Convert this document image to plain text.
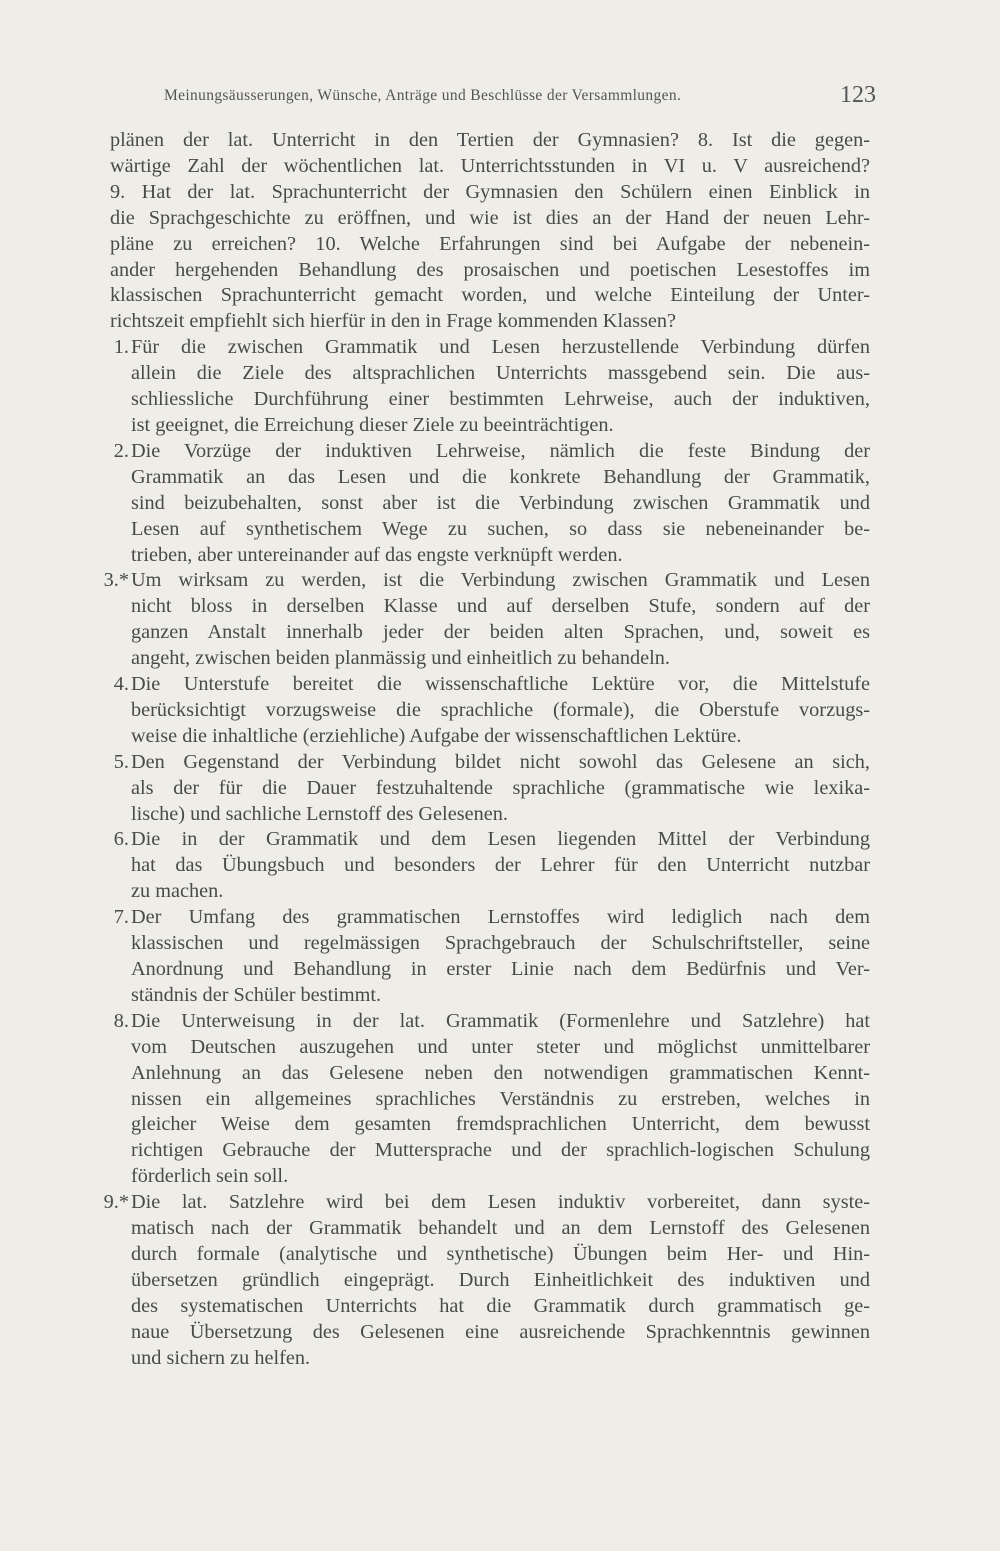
Meinungsäusserungen, Wünsche, Anträge und Beschlüsse der Versammlungen.	123
plänen der lat. Unterricht in den Tertien der Gymnasien? 8. Ist die gegen-
wärtige Zahl der wöchentlichen lat. Unterrichtsstunden in VI u. V ausreichend?
9. Hat der lat. Sprachunterricht der Gymnasien den Schülern einen Einblick in
die Sprachgeschichte zu eröffnen, und wie ist dies an der Hand der neuen Lehr-
pläne zu erreichen? 10. Welche Erfahrungen sind bei Aufgabe der nebenein-
ander hergehenden Behandlung des prosaischen und poetischen Lesestoffes im
klassischen Sprachunterricht gemacht worden, und welche Einteilung der Unter-
richtszeit empfiehlt sich hierfür in den in Frage kommenden Klassen?
1. Für die zwischen Grammatik und Lesen herzustellende Verbindung dürfen
allein die Ziele des altsprachlichen Unterrichts massgebend sein. Die aus-
schliessliche Durchführung einer bestimmten Lehrweise, auch der induktiven,
ist geeignet, die Erreichung dieser Ziele zu beeinträchtigen.
2. Die Vorzüge der induktiven Lehrweise, nämlich die feste Bindung der
Grammatik an das Lesen und die konkrete Behandlung der Grammatik,
sind beizubehalten, sonst aber ist die Verbindung zwischen Grammatik und
Lesen auf synthetischem Wege zu suchen, so dass sie nebeneinander be-
trieben, aber untereinander auf das engste verknüpft werden.
3.* Um wirksam zu werden, ist die Verbindung zwischen Grammatik und Lesen
nicht bloss in derselben Klasse und auf derselben Stufe, sondern auf der
ganzen Anstalt innerhalb jeder der beiden alten Sprachen, und, soweit es
angeht, zwischen beiden planmässig und einheitlich zu behandeln.
4. Die Unterstufe bereitet die wissenschaftliche Lektüre vor, die Mittelstufe
berücksichtigt vorzugsweise die sprachliche (formale), die Oberstufe vorzugs-
weise die inhaltliche (erziehliche) Aufgabe der wissenschaftlichen Lektüre.
5. Den Gegenstand der Verbindung bildet nicht sowohl das Gelesene an sich,
als der für die Dauer festzuhaltende sprachliche (grammatische wie lexika-
lische) und sachliche Lernstoff des Gelesenen.
6. Die in der Grammatik und dem Lesen liegenden Mittel der Verbindung
hat das Übungsbuch und besonders der Lehrer für den Unterricht nutzbar
zu machen.
7. Der Umfang des grammatischen Lernstoffes wird lediglich nach dem
klassischen und regelmässigen Sprachgebrauch der Schulschriftsteller, seine
Anordnung und Behandlung in erster Linie nach dem Bedürfnis und Ver-
ständnis der Schüler bestimmt.
8. Die Unterweisung in der lat. Grammatik (Formenlehre und Satzlehre) hat
vom Deutschen auszugehen und unter steter und möglichst unmittelbarer
Anlehnung an das Gelesene neben den notwendigen grammatischen Kennt-
nissen ein allgemeines sprachliches Verständnis zu erstreben, welches in
gleicher Weise dem gesamten fremdsprachlichen Unterricht, dem bewusst
richtigen Gebrauche der Muttersprache und der sprachlich-logischen Schulung
förderlich sein soll.
9.* Die lat. Satzlehre wird bei dem Lesen induktiv vorbereitet, dann syste-
matisch nach der Grammatik behandelt und an dem Lernstoff des Gelesenen
durch formale (analytische und synthetische) Übungen beim Her- und Hin-
übersetzen gründlich eingeprägt. Durch Einheitlichkeit des induktiven und
des systematischen Unterrichts hat die Grammatik durch grammatisch ge-
naue Übersetzung des Gelesenen eine ausreichende Sprachkenntnis gewinnen
und sichern zu helfen.
